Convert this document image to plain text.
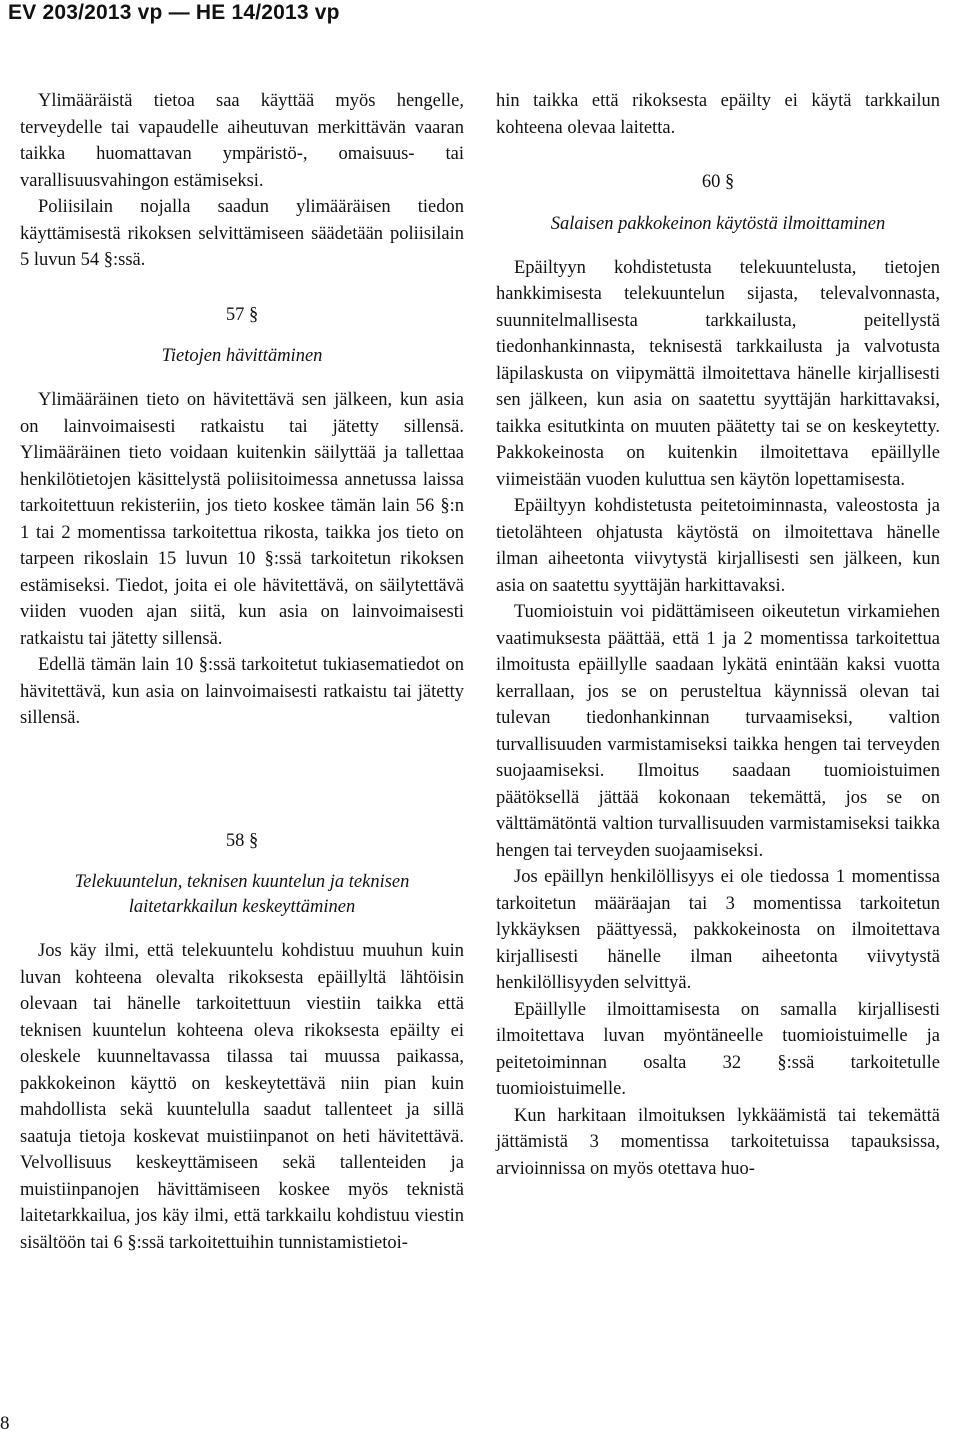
EV 203/2013 vp — HE 14/2013 vp

Ylimääräistä tietoa saa käyttää myös hengelle, terveydelle tai vapaudelle aiheutuvan merkittävän vaaran taikka huomattavan ympäristö-, omaisuus- tai varallisuusvahingon estämiseksi.

Poliisilain nojalla saadun ylimääräisen tiedon käyttämisestä rikoksen selvittämiseen säädetään poliisilain 5 luvun 54 §:ssä.

57 §
Tietojen hävittäminen

Ylimääräinen tieto on hävitettävä sen jälkeen, kun asia on lainvoimaisesti ratkaistu tai jätetty sillensä. Ylimääräinen tieto voidaan kuitenkin säilyttää ja tallettaa henkilötietojen käsittelystä poliisitoimessa annetussa laissa tarkoitettuun rekisteriin, jos tieto koskee tämän lain 56 §:n 1 tai 2 momentissa tarkoitettua rikosta, taikka jos tieto on tarpeen rikoslain 15 luvun 10 §:ssä tarkoitetun rikoksen estämiseksi. Tiedot, joita ei ole hävitettävä, on säilytettävä viiden vuoden ajan siitä, kun asia on lainvoimaisesti ratkaistu tai jätetty sillensä.

Edellä tämän lain 10 §:ssä tarkoitetut tukiasematiedot on hävitettävä, kun asia on lainvoimaisesti ratkaistu tai jätetty sillensä.

58 §
Telekuuntelun, teknisen kuuntelun ja teknisen laitetarkkailun keskeyttäminen

Jos käy ilmi, että telekuuntelu kohdistuu muuhun kuin luvan kohteena olevalta rikoksesta epäillyltä lähtöisin olevaan tai hänelle tarkoitettuun viestiin taikka että teknisen kuuntelun kohteena oleva rikoksesta epäilty ei oleskele kuunneltavassa tilassa tai muussa paikassa, pakkokeinon käyttö on keskeytettävä niin pian kuin mahdollista sekä kuuntelulla saadut tallenteet ja sillä saatuja tietoja koskevat muistiinpanot on heti hävitettävä. Velvollisuus keskeyttämiseen sekä tallenteiden ja muistiinpanojen hävittämiseen koskee myös teknistä laitetarkkailua, jos käy ilmi, että tarkkailu kohdistuu viestin sisältöön tai 6 §:ssä tarkoitettuihin tunnistamistietoi-

hin taikka että rikoksesta epäilty ei käytä tarkkailun kohteena olevaa laitetta.

60 §
Salaisen pakkokeinon käytöstä ilmoittaminen

Epäiltyyn kohdistetusta telekuuntelusta, tietojen hankkimisesta telekuuntelun sijasta, televalvonnasta, suunnitelmallisesta tarkkailusta, peitellystä tiedonhankinnasta, teknisestä tarkkailusta ja valvotusta läpilaskusta on viipymättä ilmoitettava hänelle kirjallisesti sen jälkeen, kun asia on saatettu syyttäjän harkittavaksi, taikka esitutkinta on muuten päätetty tai se on keskeytetty. Pakkokeinosta on kuitenkin ilmoitettava epäillylle viimeistään vuoden kuluttua sen käytön lopettamisesta.

Epäiltyyn kohdistetusta peitetoiminnasta, valeostosta ja tietolähteen ohjatusta käytöstä on ilmoitettava hänelle ilman aiheetonta viivytystä kirjallisesti sen jälkeen, kun asia on saatettu syyttäjän harkittavaksi.

Tuomioistuin voi pidättämiseen oikeutetun virkamiehen vaatimuksesta päättää, että 1 ja 2 momentissa tarkoitettua ilmoitusta epäillylle saadaan lykätä enintään kaksi vuotta kerrallaan, jos se on perusteltua käynnissä olevan tai tulevan tiedonhankinnan turvaamiseksi, valtion turvallisuuden varmistamiseksi taikka hengen tai terveyden suojaamiseksi. Ilmoitus saadaan tuomioistuimen päätöksellä jättää kokonaan tekemättä, jos se on välttämätöntä valtion turvallisuuden varmistamiseksi taikka hengen tai terveyden suojaamiseksi.

Jos epäillyn henkilöllisyys ei ole tiedossa 1 momentissa tarkoitetun määräajan tai 3 momentissa tarkoitetun lykkäyksen päättyessä, pakkokeinosta on ilmoitettava kirjallisesti hänelle ilman aiheetonta viivytystä henkilöllisyyden selvittyä.

Epäillylle ilmoittamisesta on samalla kirjallisesti ilmoitettava luvan myöntäneelle tuomioistuimelle ja peitetoiminnan osalta 32 §:ssä tarkoitetulle tuomioistuimelle.

Kun harkitaan ilmoituksen lykkäämistä tai tekemättä jättämistä 3 momentissa tarkoitetuissa tapauksissa, arvioinnissa on myös otettava huo-

8
